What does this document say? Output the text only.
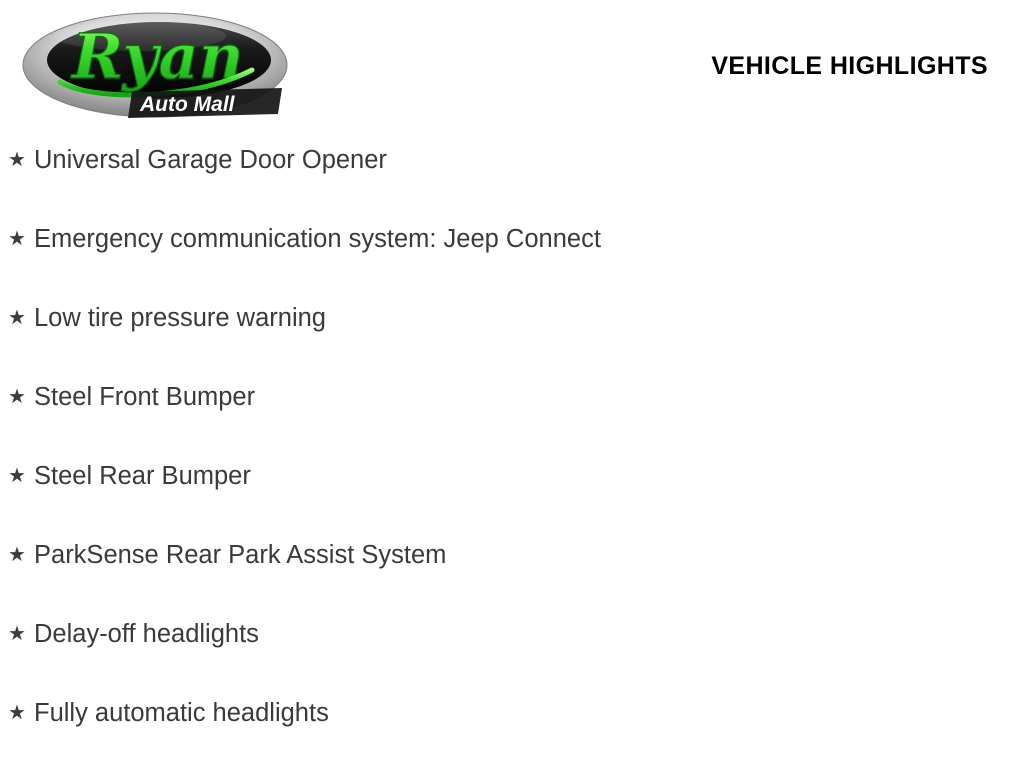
Ryan
Auto Mall
VEHICLE HIGHLIGHTS
★ Universal Garage Door Opener
★ Emergency communication system: Jeep Connect
★ Low tire pressure warning
★ Steel Front Bumper
★ Steel Rear Bumper
★ ParkSense Rear Park Assist System
★ Delay-off headlights
★ Fully automatic headlights
